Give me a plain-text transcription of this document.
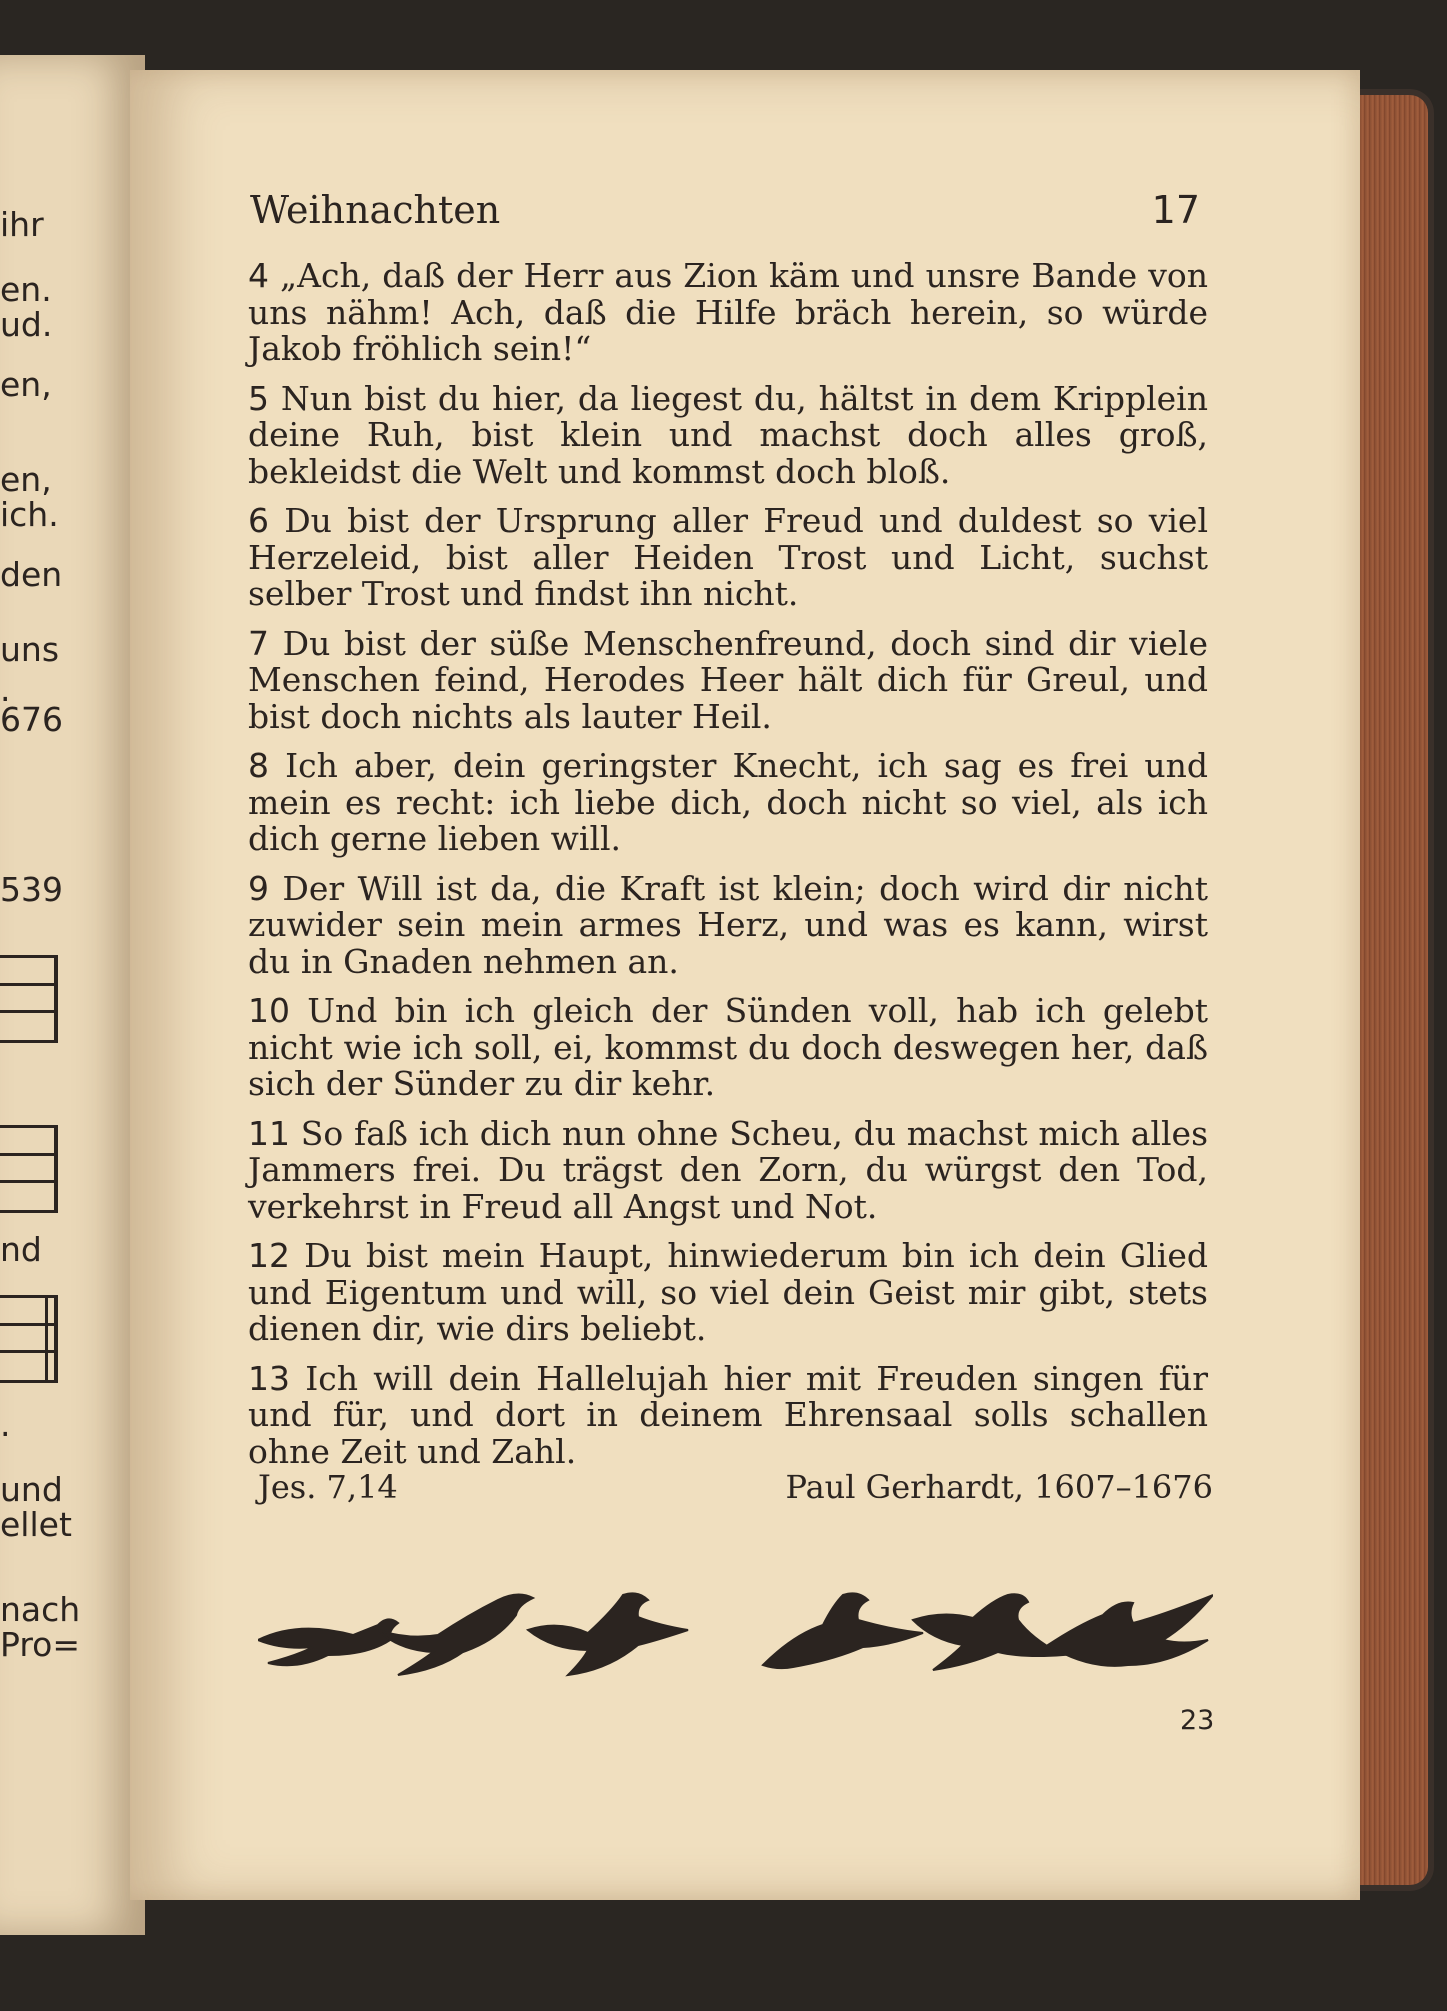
ihr
en.
ud.
en,
en,
ich.
den
uns
.
676
539
nd
.
und
ellet
nach
Pro=
Weihnachten	17

4 „Ach, daß der Herr aus Zion käm und unsre Bande von uns nähm! Ach, daß die Hilfe bräch herein, so würde Jakob fröhlich sein!“

5 Nun bist du hier, da liegest du, hältst in dem Kripplein deine Ruh, bist klein und machst doch alles groß, bekleidst die Welt und kommst doch bloß.

6 Du bist der Ursprung aller Freud und duldest so viel Herzeleid, bist aller Heiden Trost und Licht, suchst selber Trost und findst ihn nicht.

7 Du bist der süße Menschenfreund, doch sind dir viele Menschen feind, Herodes Heer hält dich für Greul, und bist doch nichts als lauter Heil.

8 Ich aber, dein geringster Knecht, ich sag es frei und mein es recht: ich liebe dich, doch nicht so viel, als ich dich gerne lieben will.

9 Der Will ist da, die Kraft ist klein; doch wird dir nicht zuwider sein mein armes Herz, und was es kann, wirst du in Gnaden nehmen an.

10 Und bin ich gleich der Sünden voll, hab ich gelebt nicht wie ich soll, ei, kommst du doch deswegen her, daß sich der Sünder zu dir kehr.

11 So faß ich dich nun ohne Scheu, du machst mich alles Jammers frei. Du trägst den Zorn, du würgst den Tod, verkehrst in Freud all Angst und Not.

12 Du bist mein Haupt, hinwiederum bin ich dein Glied und Eigentum und will, so viel dein Geist mir gibt, stets dienen dir, wie dirs beliebt.

13 Ich will dein Hallelujah hier mit Freuden singen für und für, und dort in deinem Ehrensaal solls schallen ohne Zeit und Zahl.

Jes. 7,14	Paul Gerhardt, 1607–1676
23
